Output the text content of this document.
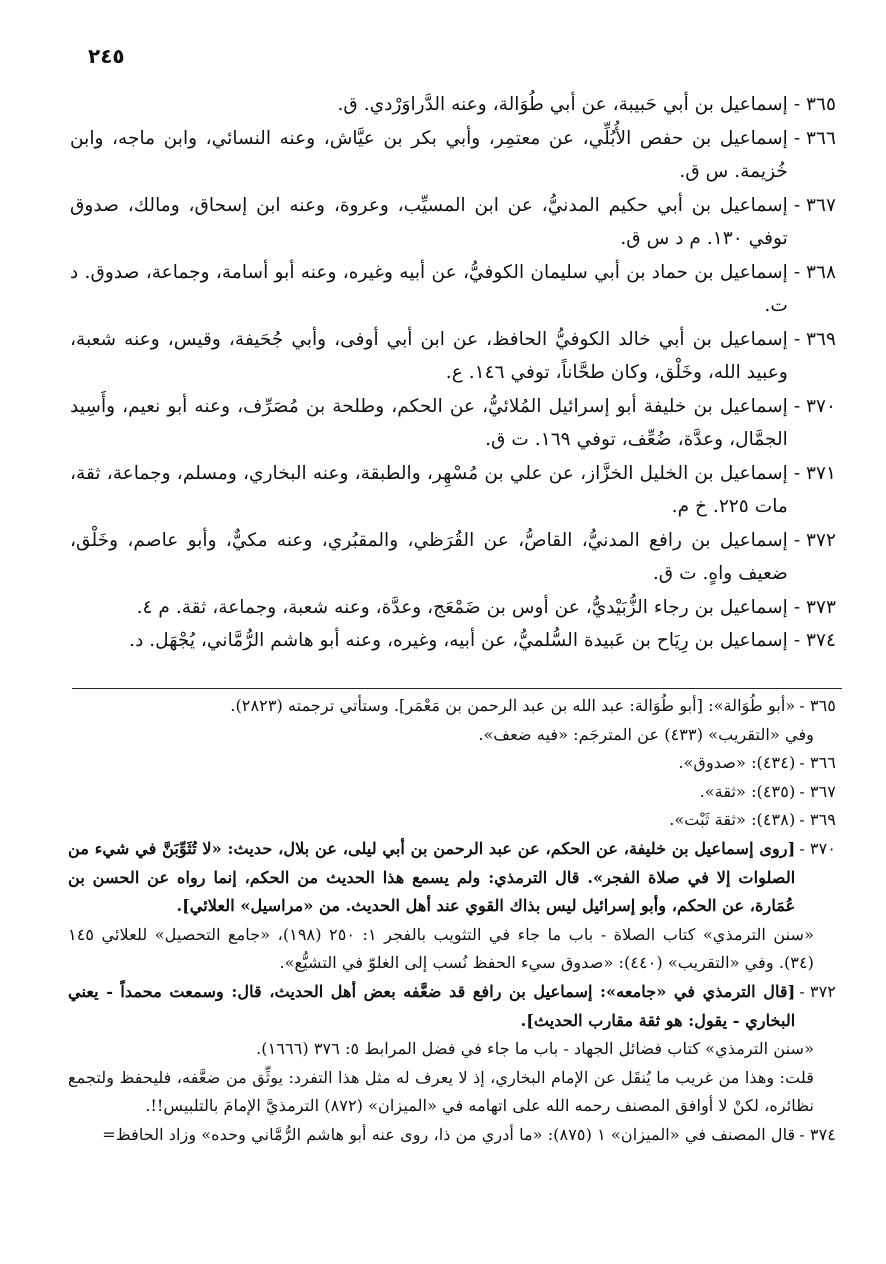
٢٤٥
٣٦٥ -
إسماعيل بن أبي حَبيبة، عن أبي طُوَالة، وعنه الدَّراوَرْدي. ق.
٣٦٦ -
إسماعيل بن حفص الأُبُلِّي، عن معتمِر، وأبي بكر بن عيَّاش، وعنه النسائي، وابن ماجه، وابن خُزيمة. س ق.
٣٦٧ -
إسماعيل بن أبي حكيم المدنيُّ، عن ابن المسيِّب، وعروة، وعنه ابن إسحاق، ومالك، صدوق توفي ١٣٠. م د س ق.
٣٦٨ -
إسماعيل بن حماد بن أبي سليمان الكوفيُّ، عن أبيه وغيره، وعنه أبو أسامة، وجماعة، صدوق. د ت.
٣٦٩ -
إسماعيل بن أبي خالد الكوفيُّ الحافظ، عن ابن أبي أوفى، وأبي جُحَيفة، وقيس، وعنه شعبة، وعبيد الله، وخَلْق، وكان طحَّاناً، توفي ١٤٦. ع.
٣٧٠ -
إسماعيل بن خليفة أبو إسرائيل المُلائيُّ، عن الحكم، وطلحة بن مُصَرِّف، وعنه أبو نعيم، وأَسِيد الجمَّال، وعدَّة، ضُعِّف، توفي ١٦٩. ت ق.
٣٧١ -
إسماعيل بن الخليل الخزَّاز، عن علي بن مُسْهِر، والطبقة، وعنه البخاري، ومسلم، وجماعة، ثقة، مات ٢٢٥. خ م.
٣٧٢ -
إسماعيل بن رافع المدنيُّ، القاصُّ، عن القُرَظي، والمقبُري، وعنه مكيٌّ، وأبو عاصم، وخَلْق، ضعيف واهٍ. ت ق.
٣٧٣ -
إسماعيل بن رجاء الزُّبَيْديُّ، عن أوس بن ضَمْعَج، وعدَّة، وعنه شعبة، وجماعة، ثقة. م ٤.
٣٧٤ -
إسماعيل بن رِيَاح بن عَبيدة السُّلميُّ، عن أبيه، وغيره، وعنه أبو هاشم الرُّمَّاني، يُجْهَل. د.
٣٦٥ -
«أبو طُوَالة»: [أبو طُوَالة: عبد الله بن عبد الرحمن بن مَعْمَر]. وستأتي ترجمته (٢٨٢٣).
وفي «التقريب» (٤٣٣) عن المترجَم: «فيه ضعف».
٣٦٦ -
(٤٣٤): «صدوق».
٣٦٧ -
(٤٣٥): «ثقة».
٣٦٩ -
(٤٣٨): «ثقة ثَبْت».
٣٧٠ -
[روى إسماعيل بن خليفة، عن الحكم، عن عبد الرحمن بن أبي ليلى، عن بلال، حديث: «لا تُثَوِّبَنَّ في شيء من الصلوات إلا في صلاة الفجر». قال الترمذي: ولم يسمع هذا الحديث من الحكم، إنما رواه عن الحسن بن عُمَارة، عن الحكم، وأبو إسرائيل ليس بذاك القوي عند أهل الحديث. من «مراسيل» العلائي].
«سنن الترمذي» كتاب الصلاة - باب ما جاء في التثويب بالفجر ١: ٢٥٠ (١٩٨)، «جامع التحصيل» للعلائي ١٤٥ (٣٤). وفي «التقريب» (٤٤٠): «صدوق سيء الحفظ نُسب إلى الغلوّ في التشيُّع».
٣٧٢ -
[قال الترمذي في «جامعه»: إسماعيل بن رافع قد ضعَّفه بعض أهل الحديث، قال: وسمعت محمداً - يعني البخاري - يقول: هو ثقة مقارب الحديث].
«سنن الترمذي» كتاب فضائل الجهاد - باب ما جاء في فضل المرابط ٥: ٣٧٦ (١٦٦٦).
قلت: وهذا من غريب ما يُنقَل عن الإمام البخاري، إذ لا يعرف له مثل هذا التفرد: يوثِّق من ضعَّفه، فليحفظ ولتجمع نظائره، لكنْ لا أوافق المصنف رحمه الله على اتهامه في «الميزان» (٨٧٢) الترمذيَّ الإمامَ بالتلبيس!!.
٣٧٤ -
قال المصنف في «الميزان» ١ (٨٧٥): «ما أدري من ذا، روى عنه أبو هاشم الرُّمَّاني وحده» وزاد الحافظ=
